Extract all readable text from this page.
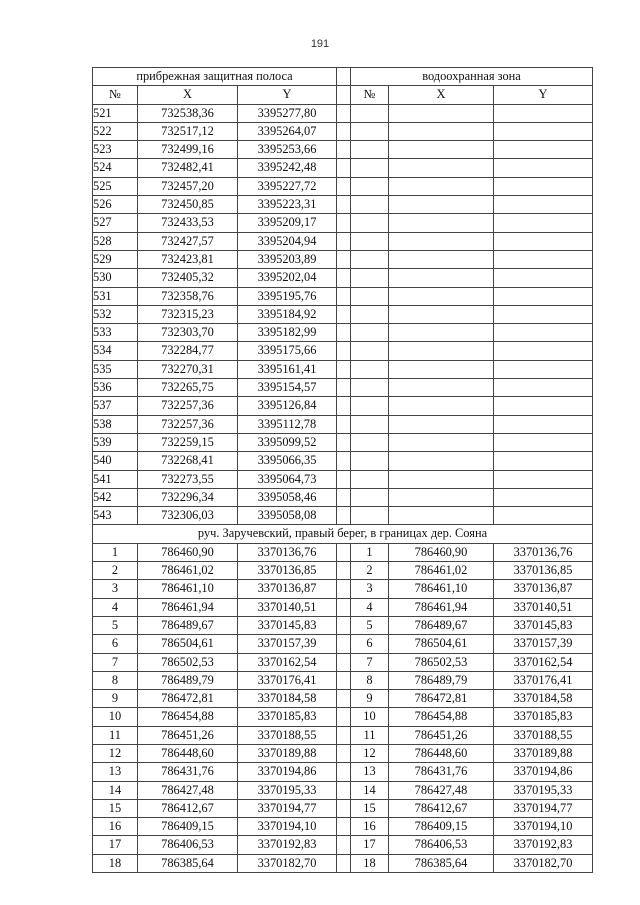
191
прибрежная защитная полоса				водоохранная зона		
№	X	Y		№	X	Y
521	732538,36	3395277,80				
522	732517,12	3395264,07				
523	732499,16	3395253,66				
524	732482,41	3395242,48				
525	732457,20	3395227,72				
526	732450,85	3395223,31				
527	732433,53	3395209,17				
528	732427,57	3395204,94				
529	732423,81	3395203,89				
530	732405,32	3395202,04				
531	732358,76	3395195,76				
532	732315,23	3395184,92				
533	732303,70	3395182,99				
534	732284,77	3395175,66				
535	732270,31	3395161,41				
536	732265,75	3395154,57				
537	732257,36	3395126,84				
538	732257,36	3395112,78				
539	732259,15	3395099,52				
540	732268,41	3395066,35				
541	732273,55	3395064,73				
542	732296,34	3395058,46				
543	732306,03	3395058,08				
руч. Заручевский, правый берег, в границах дер. Сояна						
1	786460,90	3370136,76		1	786460,90	3370136,76
2	786461,02	3370136,85		2	786461,02	3370136,85
3	786461,10	3370136,87		3	786461,10	3370136,87
4	786461,94	3370140,51		4	786461,94	3370140,51
5	786489,67	3370145,83		5	786489,67	3370145,83
6	786504,61	3370157,39		6	786504,61	3370157,39
7	786502,53	3370162,54		7	786502,53	3370162,54
8	786489,79	3370176,41		8	786489,79	3370176,41
9	786472,81	3370184,58		9	786472,81	3370184,58
10	786454,88	3370185,83		10	786454,88	3370185,83
11	786451,26	3370188,55		11	786451,26	3370188,55
12	786448,60	3370189,88		12	786448,60	3370189,88
13	786431,76	3370194,86		13	786431,76	3370194,86
14	786427,48	3370195,33		14	786427,48	3370195,33
15	786412,67	3370194,77		15	786412,67	3370194,77
16	786409,15	3370194,10		16	786409,15	3370194,10
17	786406,53	3370192,83		17	786406,53	3370192,83
18	786385,64	3370182,70		18	786385,64	3370182,70
